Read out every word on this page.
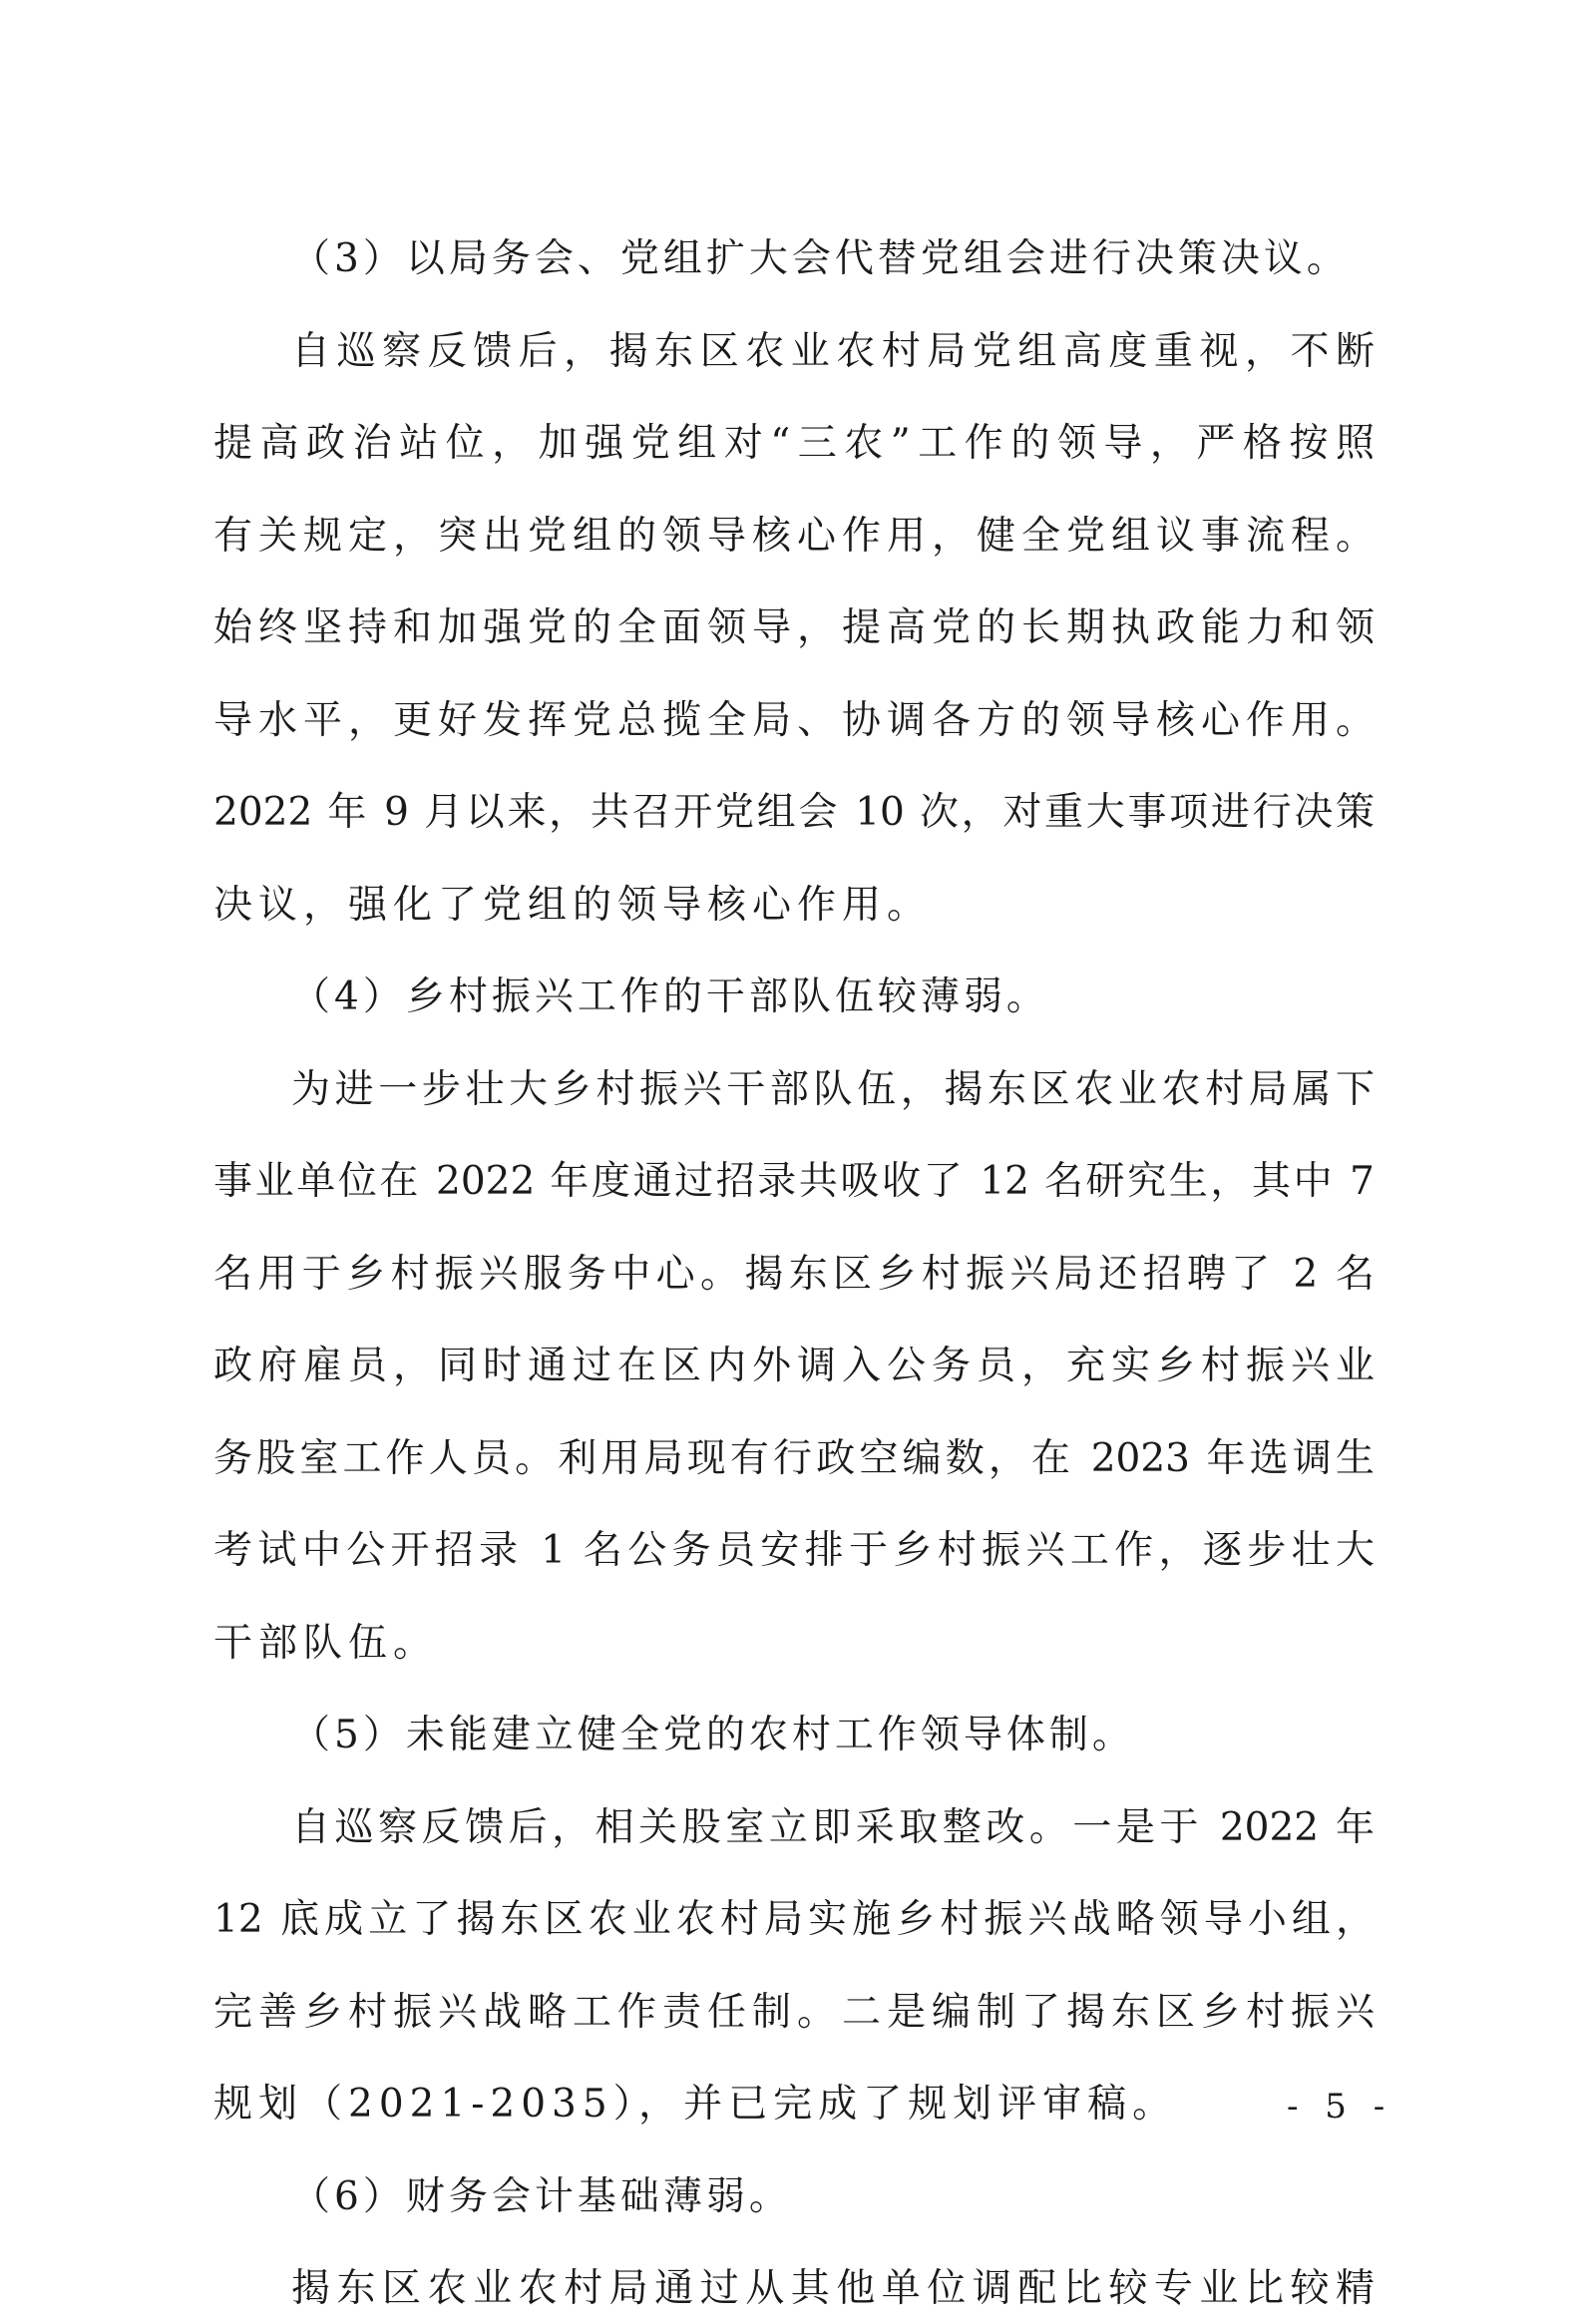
（3）以局务会、党组扩大会代替党组会进行决策决议。
自巡察反馈后，揭东区农业农村局党组高度重视，不断
提高政治站位，加强党组对“三农”工作的领导，严格按照
有关规定，突出党组的领导核心作用，健全党组议事流程。
始终坚持和加强党的全面领导，提高党的长期执政能力和领
导水平，更好发挥党总揽全局、协调各方的领导核心作用。
2022 年 9 月以来，共召开党组会 10 次，对重大事项进行决策
决议，强化了党组的领导核心作用。
（4）乡村振兴工作的干部队伍较薄弱。
为进一步壮大乡村振兴干部队伍，揭东区农业农村局属下
事业单位在 2022 年度通过招录共吸收了 12 名研究生，其中 7
名用于乡村振兴服务中心。揭东区乡村振兴局还招聘了 2 名
政府雇员，同时通过在区内外调入公务员，充实乡村振兴业
务股室工作人员。利用局现有行政空编数，在 2023 年选调生
考试中公开招录 1 名公务员安排于乡村振兴工作，逐步壮大
干部队伍。
（5）未能建立健全党的农村工作领导体制。
自巡察反馈后，相关股室立即采取整改。一是于 2022 年
12 底成立了揭东区农业农村局实施乡村振兴战略领导小组，
完善乡村振兴战略工作责任制。二是编制了揭东区乡村振兴
规划（2021-2035），并已完成了规划评审稿。
（6）财务会计基础薄弱。
揭东区农业农村局通过从其他单位调配比较专业比较精
- 5 -
